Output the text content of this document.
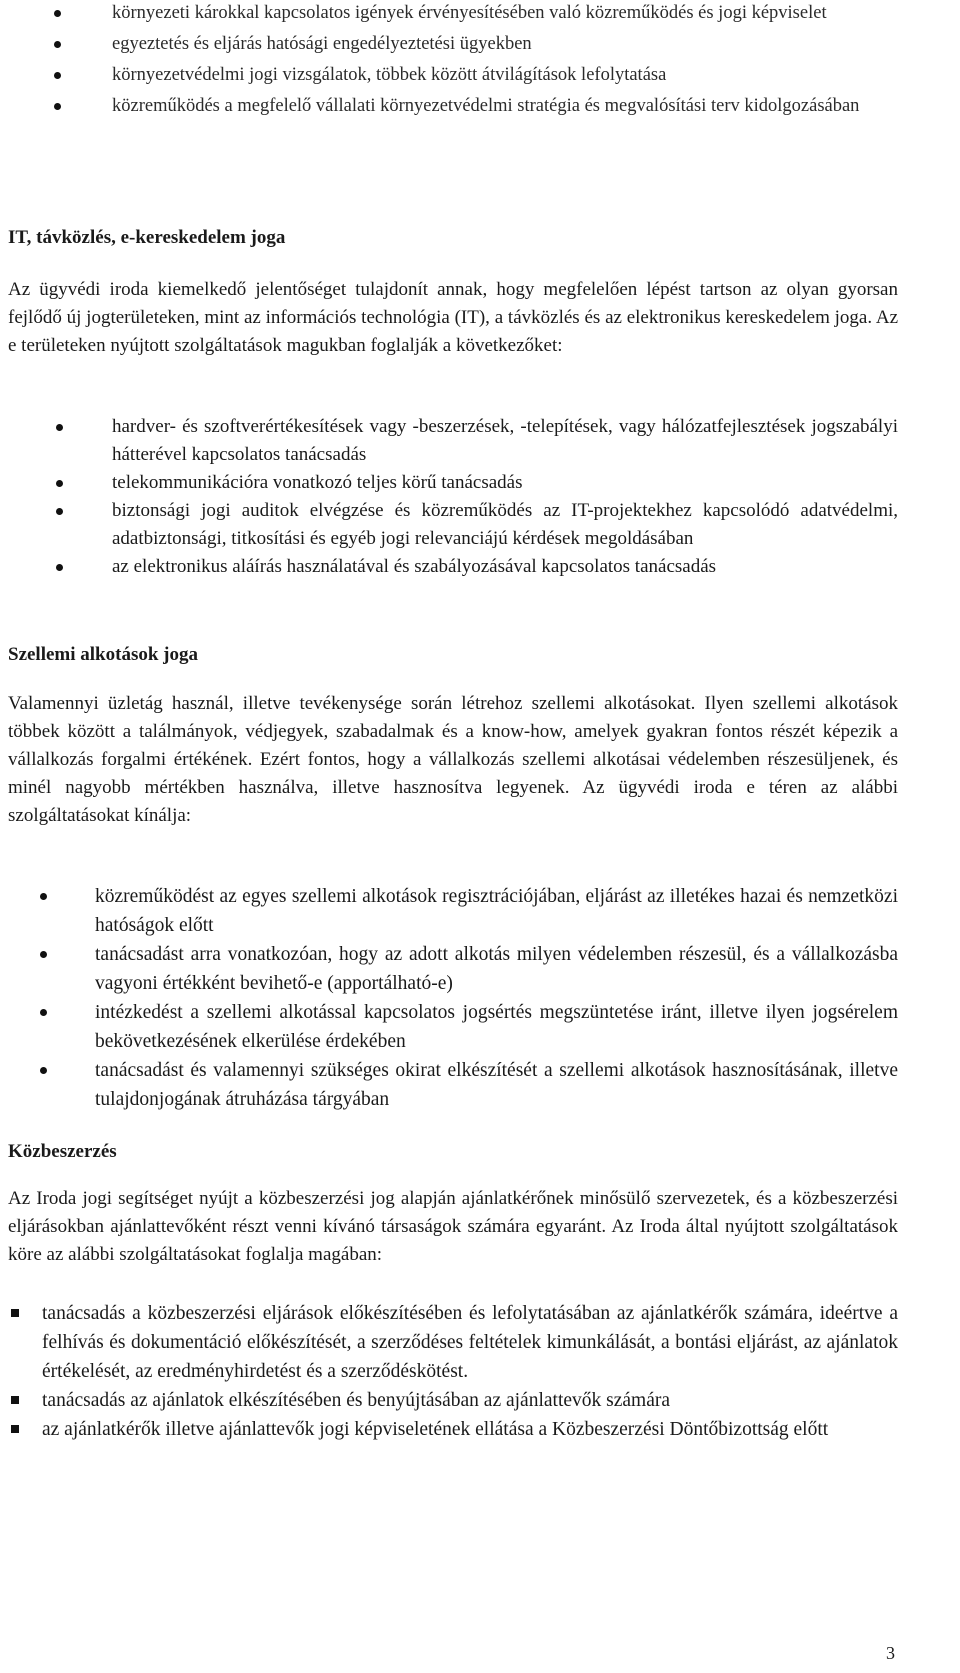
környezeti károkkal kapcsolatos igények érvényesítésében való közreműködés és jogi képviselet
egyeztetés és eljárás hatósági engedélyeztetési ügyekben
környezetvédelmi jogi vizsgálatok, többek között átvilágítások lefolytatása
közreműködés a megfelelő vállalati környezetvédelmi stratégia és megvalósítási terv kidolgozásában
IT, távközlés, e-kereskedelem joga

Az ügyvédi iroda kiemelkedő jelentőséget tulajdonít annak, hogy megfelelően lépést tartson az olyan gyorsan fejlődő új jogterületeken, mint az információs technológia (IT), a távközlés és az elektronikus kereskedelem joga. Az e területeken nyújtott szolgáltatások magukban foglalják a következőket:

hardver- és szoftverértékesítések vagy -beszerzések, -telepítések, vagy hálózatfejlesztések jogszabályi hátterével kapcsolatos tanácsadás
telekommunikációra vonatkozó teljes körű tanácsadás
biztonsági jogi auditok elvégzése és közreműködés az IT-projektekhez kapcsolódó adatvédelmi, adatbiztonsági, titkosítási és egyéb jogi relevanciájú kérdések megoldásában
az elektronikus aláírás használatával és szabályozásával kapcsolatos tanácsadás
Szellemi alkotások joga

Valamennyi üzletág használ, illetve tevékenysége során létrehoz szellemi alkotásokat. Ilyen szellemi alkotások többek között a találmányok, védjegyek, szabadalmak és a know-how, amelyek gyakran fontos részét képezik a vállalkozás forgalmi értékének. Ezért fontos, hogy a vállalkozás szellemi alkotásai védelemben részesüljenek, és minél nagyobb mértékben használva, illetve hasznosítva legyenek. Az ügyvédi iroda e téren az alábbi szolgáltatásokat kínálja:

közreműködést az egyes szellemi alkotások regisztrációjában, eljárást az illetékes hazai és nemzetközi hatóságok előtt
tanácsadást arra vonatkozóan, hogy az adott alkotás milyen védelemben részesül, és a vállalkozásba vagyoni értékként bevihető-e (apportálható-e)
intézkedést a szellemi alkotással kapcsolatos jogsértés megszüntetése iránt, illetve ilyen jogsérelem bekövetkezésének elkerülése érdekében
tanácsadást és valamennyi szükséges okirat elkészítését a szellemi alkotások hasznosításának, illetve tulajdonjogának átruházása tárgyában
Közbeszerzés

Az Iroda jogi segítséget nyújt a közbeszerzési jog alapján ajánlatkérőnek minősülő szervezetek, és a közbeszerzési eljárásokban ajánlattevőként részt venni kívánó társaságok számára egyaránt. Az Iroda által nyújtott szolgáltatások köre az alábbi szolgáltatásokat foglalja magában:

tanácsadás a közbeszerzési eljárások előkészítésében és lefolytatásában az ajánlatkérők számára, ideértve a felhívás és dokumentáció előkészítését, a szerződéses feltételek kimunkálását, a bontási eljárást, az ajánlatok értékelését, az eredményhirdetést és a szerződéskötést.
tanácsadás az ajánlatok elkészítésében és benyújtásában az ajánlattevők számára
az ajánlatkérők illetve ajánlattevők jogi képviseletének ellátása a Közbeszerzési Döntőbizottság előtt
3
